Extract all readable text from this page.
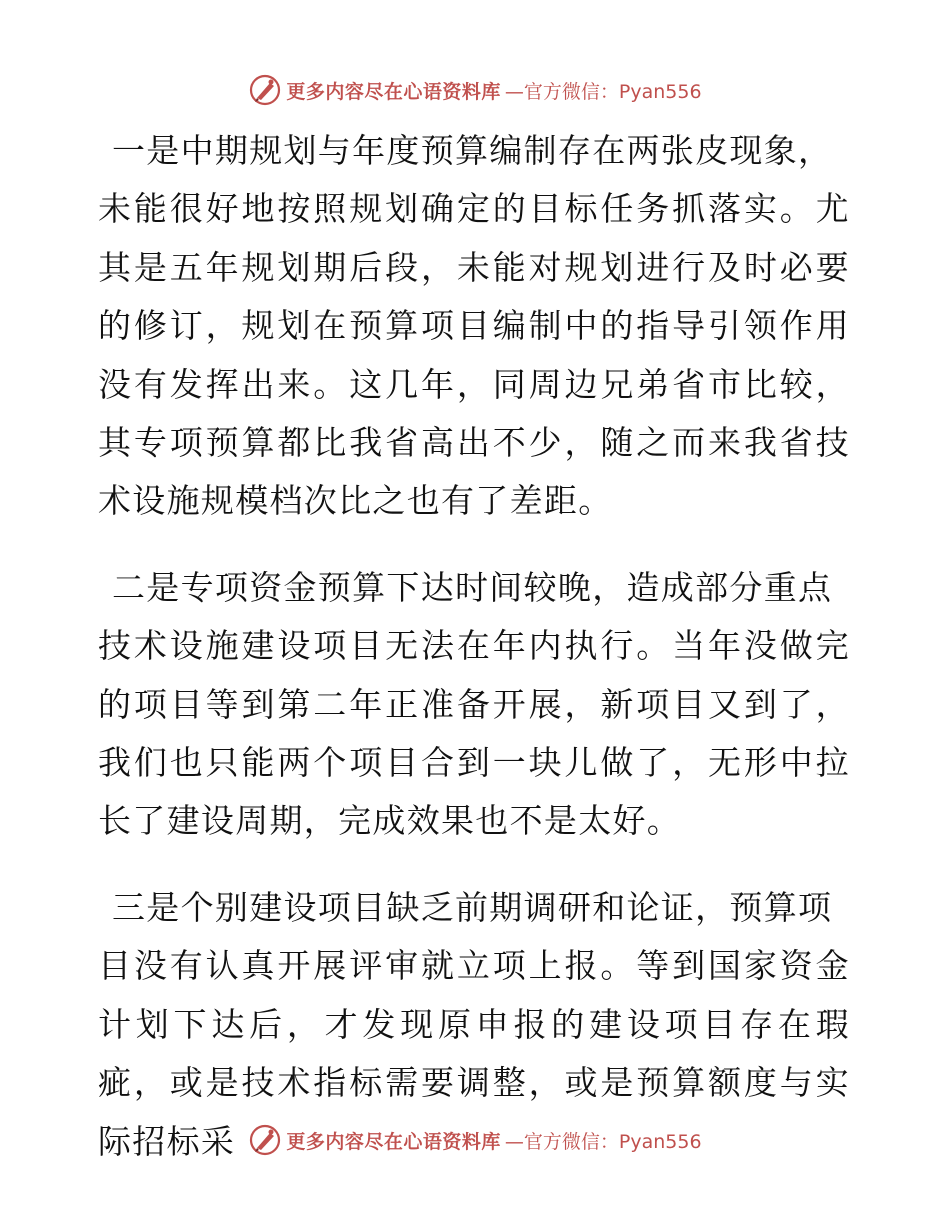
更多内容尽在心语资料库 —官方微信：Pyan556

一是中期规划与年度预算编制存在两张皮现象，
未能很好地按照规划确定的目标任务抓落实。尤其是五年规划期后段，未能对规划进行及时必要的修订，规划在预算项目编制中的指导引领作用没有发挥出来。这几年，同周边兄弟省市比较，其专项预算都比我省高出不少，随之而来我省技术设施规模档次比之也有了差距。

二是专项资金预算下达时间较晚，造成部分重点
技术设施建设项目无法在年内执行。当年没做完的项目等到第二年正准备开展，新项目又到了，我们也只能两个项目合到一块儿做了，无形中拉长了建设周期，完成效果也不是太好。

三是个别建设项目缺乏前期调研和论证，预算项
目没有认真开展评审就立项上报。等到国家资金计划下达后，才发现原申报的建设项目存在瑕疵，或是技术指标需要调整，或是预算额度与实际招标采	更多内容尽在心语资料库 —官方微信：Pyan556
